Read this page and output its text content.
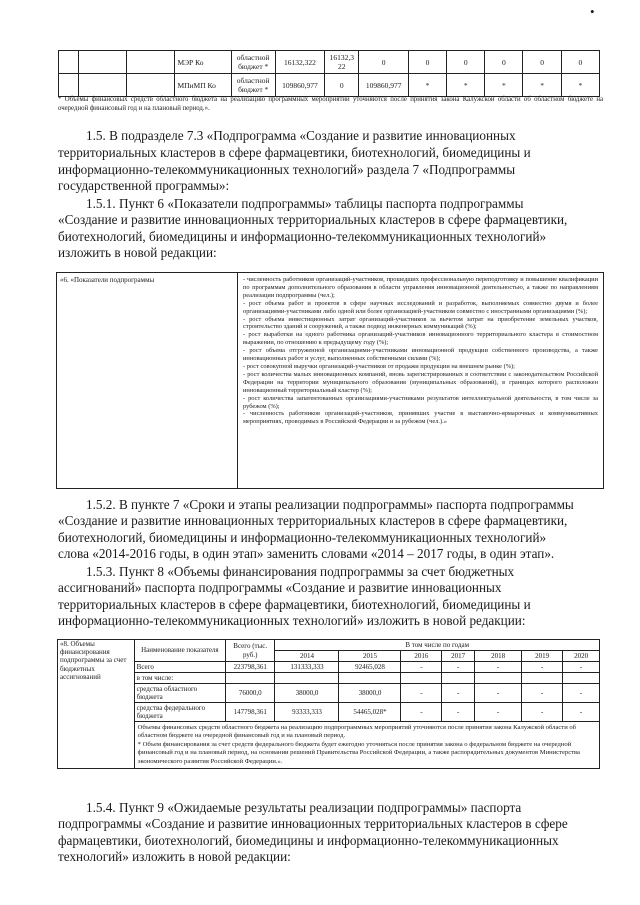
•
			МЭР Ко	областной бюджет *	16132,322	16132,3 22	0	0	0	0	0	0
			МПиМП Ко	областной бюджет *	109860,977	0	109860,977	*	*	*	*	*
* Объемы финансовых средств областного бюджета на реализацию программных мероприятий уточняются после принятия закона Калужской области об областном бюджете на очередной финансовый год и на плановый период.».
1.5. В подразделе 7.3 «Подпрограмма «Создание и развитие инновационных
территориальных кластеров в сфере фармацевтики, биотехнологий, биомедицины и
информационно-телекоммуникационных технологий» раздела 7 «Подпрограммы
государственной программы»:
1.5.1. Пункт 6 «Показатели подпрограммы» таблицы паспорта подпрограммы
«Создание и развитие инновационных территориальных кластеров в сфере фармацевтики,
биотехнологий, биомедицины и информационно-телекоммуникационных технологий»
изложить в новой редакции:
«6. «Показатели подпрограммы	- численность работников организаций-участников, прошедших профессиональную переподготовку и повышение квалификации по программам дополнительного образования в области управления инновационной деятельностью, а также по направлениям реализации подпрограммы (чел.);
- рост объема работ и проектов в сфере научных исследований и разработок, выполняемых совместно двумя и более организациями-участниками либо одной или более организацией-участником совместно с иностранными организациями (%);
- рост объема инвестиционных затрат организаций-участников за вычетом затрат на приобретение земельных участков, строительство зданий и сооружений, а также подвод инженерных коммуникаций (%);
- рост выработки на одного работника организаций-участников инновационного территориального кластера в стоимостном выражении, по отношению к предыдущему году (%);
- рост объема отгруженной организациями-участниками инновационной продукции собственного производства, а также инновационных работ и услуг, выполненных собственными силами (%);
- рост совокупной выручки организаций-участников от продажи продукции на внешнем рынке (%);
- рост количества малых инновационных компаний, вновь зарегистрированных в соответствии с законодательством Российской Федерации на территории муниципального образования (муниципальных образований), в границах которого расположен инновационный территориальный кластер (%);
- рост количества запатентованных организациями-участниками результатов интеллектуальной деятельности, в том числе за рубежом (%);
- численность работников организаций-участников, принявших участие в выставочно-ярмарочных и коммуникативных мероприятиях, проводимых в Российской Федерации и за рубежом (чел.).»
1.5.2. В пункте 7 «Сроки и этапы реализации подпрограммы» паспорта подпрограммы
«Создание и развитие инновационных территориальных кластеров в сфере фармацевтики,
биотехнологий, биомедицины и информационно-телекоммуникационных технологий»
слова «2014-2016 годы, в один этап» заменить словами «2014 – 2017 годы, в один этап».
1.5.3. Пункт 8 «Объемы финансирования подпрограммы за счет бюджетных
ассигнований» паспорта подпрограммы «Создание и развитие инновационных
территориальных кластеров в сфере фармацевтики, биотехнологий, биомедицины и
информационно-телекоммуникационных технологий» изложить в новой редакции:
«8. Объемы финансирования подпрограммы за счет бюджетных ассигнований	Наименование показателя	Всего (тыс. руб.)	В том числе по годам						
			2014	2015	2016	2017	2018	2019	2020
	Всего	223798,361	131333,333	92465,028	-	-	-	-	-
	в том числе:								
	средства областного бюджета	76000,0	38000,0	38000,0	-	-	-	-	-
	средства федерального бюджета	147798,361	93333,333	54465,028*	-	-	-	-	-

	Объемы финансовых средств областного бюджета на реализацию подпрограммных мероприятий уточняются после принятия закона Калужской области об областном бюджете на очередной финансовый год и на плановый период.
* Объем финансирования за счет средств федерального бюджета будет ежегодно уточняться после принятия закона о федеральном бюджете на очередной финансовый год и на плановый период, на основании решений Правительства Российской Федерации, а также распорядительных документов Министерства экономического развития Российской Федерации.».								
1.5.4. Пункт 9 «Ожидаемые результаты реализации подпрограммы» паспорта
подпрограммы «Создание и развитие инновационных территориальных кластеров в сфере
фармацевтики, биотехнологий, биомедицины и информационно-телекоммуникационных
технологий» изложить в новой редакции:
